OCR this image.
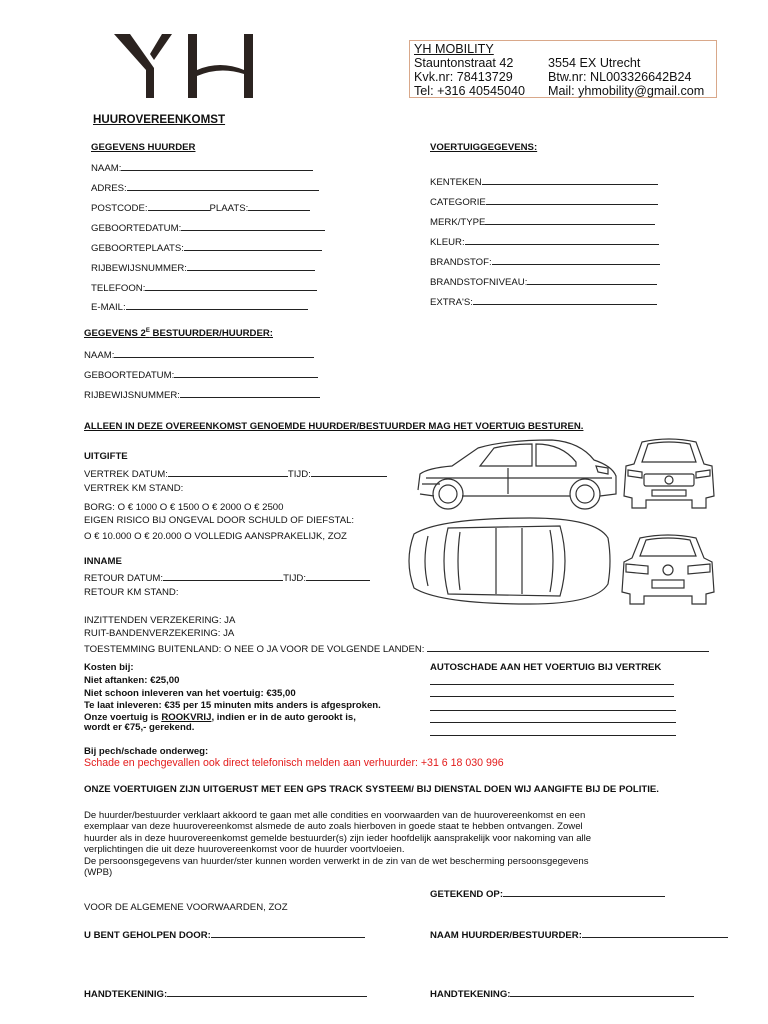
YH MOBILITY
Stauntonstraat 42	3554 EX Utrecht
Kvk.nr: 78413729	Btw.nr: NL003326642B24
Tel: +316 40545040 Mail: yhmobility@gmail.com
HUUROVEREENKOMST
GEGEVENS HUURDER
NAAM:
ADRES:
POSTCODE:	PLAATS:
GEBOORTEDATUM:
GEBOORTEPLAATS:
RIJBEWIJSNUMMER:
TELEFOON:
E-MAIL:
VOERTUIGGEGEVENS:
KENTEKEN
CATEGORIE
MERK/TYPE
KLEUR:
BRANDSTOF:
BRANDSTOFNIVEAU:
EXTRA'S:
GEGEVENS $2^E$ BESTUURDER/HUURDER:
NAAM:
GEBOORTEDATUM:
RIJBEWIJSNUMMER:
ALLEEN IN DEZE OVEREENKOMST GENOEMDE HUURDER/BESTUURDER MAG HET VOERTUIG BESTUREN.
UITGIFTE
VERTREK DATUM:	TIJD:
VERTREK KM STAND:
BORG: O € 1000 O € 1500 O € 2000 O € 2500
EIGEN RISICO BIJ ONGEVAL DOOR SCHULD OF DIEFSTAL:
O € 10.000 O € 20.000 O VOLLEDIG AANSPRAKELIJK, ZOZ
INNAME
RETOUR DATUM:	TIJD:
RETOUR KM STAND:
INZITTENDEN VERZEKERING: JA
RUIT-BANDENVERZEKERING: JA
TOESTEMMING BUITENLAND: O NEE O JA VOOR DE VOLGENDE LANDEN:
Kosten bij:
Niet aftanken: €25,00
Niet schoon inleveren van het voertuig: €35,00
Te laat inleveren: €35 per 15 minuten mits anders is afgesproken.
Onze voertuig is ROOKVRIJ, indien er in de auto gerookt is,
wordt er €75,- gerekend.
AUTOSCHADE AAN HET VOERTUIG BIJ VERTREK
Bij pech/schade onderweg:
Schade en pechgevallen ook direct telefonisch melden aan verhuurder: +31 6 18 030 996
ONZE VOERTUIGEN ZIJN UITGERUST MET EEN GPS TRACK SYSTEEM/ BIJ DIENSTAL DOEN WIJ AANGIFTE BIJ DE POLITIE.
De huurder/bestuurder verklaart akkoord te gaan met alle condities en voorwaarden van de huurovereenkomst en een
exemplaar van deze huurovereenkomst alsmede de auto zoals hierboven in goede staat te hebben ontvangen. Zowel
huurder als in deze huurovereenkomst gemelde bestuurder(s) zijn ieder hoofdelijk aansprakelijk voor nakoming van alle
verplichtingen die uit deze huurovereenkomst voor de huurder voortvloeien.
De persoonsgegevens van huurder/ster kunnen worden verwerkt in de zin van de wet bescherming persoonsgegevens
(WPB)
GETEKEND OP:
VOOR DE ALGEMENE VOORWAARDEN, ZOZ
U BENT GEHOLPEN DOOR:	NAAM HUURDER/BESTUURDER:
HANDTEKENINIG:	HANDTEKENING:
